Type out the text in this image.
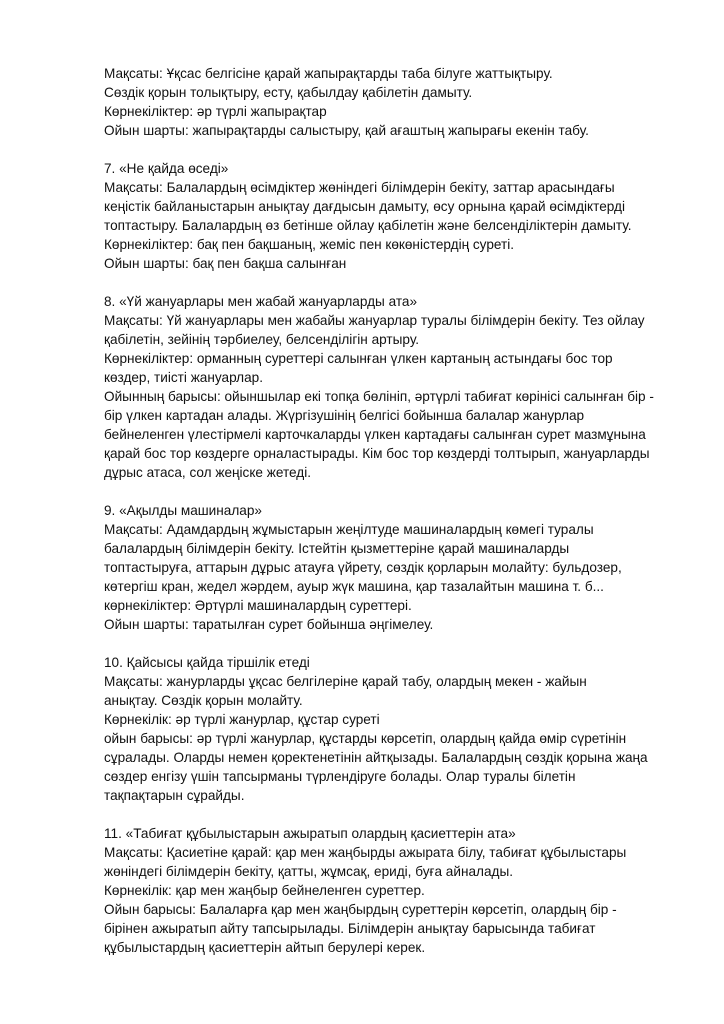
Мақсаты: Ұқсас белгісіне қарай жапырақтарды таба білуге жаттықтыру.
Сөздік қорын толықтыру, есту, қабылдау қабілетін дамыту.
Көрнекіліктер: әр түрлі жапырақтар
Ойын шарты: жапырақтарды салыстыру, қай ағаштың жапырағы екенін табу.
7. «Не қайда өседі»
Мақсаты: Балалардың өсімдіктер жөніндегі білімдерін бекіту, заттар арасындағы
кеңістік байланыстарын анықтау дағдысын дамыту, өсу орнына қарай өсімдіктерді
топтастыру. Балалардың өз бетінше ойлау қабілетін және белсенділіктерін дамыту.
Көрнекіліктер: бақ пен бақшаның, жеміс пен көкөністердің суреті.
Ойын шарты: бақ пен бақша салынған
8. «Үй жануарлары мен жабай жануарларды ата»
Мақсаты: Үй жануарлары мен жабайы жануарлар туралы білімдерін бекіту. Тез ойлау
қабілетін, зейінің тәрбиелеу, белсенділігін артыру.
Көрнекіліктер: орманның суреттері салынған үлкен картаның астындағы бос тор
көздер, тиісті жануарлар.
Ойынның барысы: ойыншылар екі топқа бөлініп, әртүрлі табиғат көрінісі салынған бір -
бір үлкен картадан алады. Жүргізушінің белгісі бойынша балалар жанурлар
бейнеленген үлестірмелі карточкаларды үлкен картадағы салынған сурет мазмұнына
қарай бос тор көздерге орналастырады. Кім бос тор көздерді толтырып, жануарларды
дұрыс атаса, сол жеңіске жетеді.
9. «Ақылды машиналар»
Мақсаты: Адамдардың жұмыстарын жеңілтуде машиналардың көмегі туралы
балалардың білімдерін бекіту. Істейтін қызметтеріне қарай машиналарды
топтастыруға, аттарын дұрыс атауға үйрету, сөздік қорларын молайту: бульдозер,
көтергіш кран, жедел жәрдем, ауыр жүк машина, қар тазалайтын машина т. б...
көрнекіліктер: Әртүрлі машиналардың суреттері.
Ойын шарты: таратылған сурет бойынша әңгімелеу.
10. Қайсысы қайда тіршілік етеді
Мақсаты: жанурларды ұқсас белгілеріне қарай табу, олардың мекен - жайын
анықтау. Сөздік қорын молайту.
Көрнекілік: әр түрлі жанурлар, құстар суреті
ойын барысы: әр түрлі жанурлар, құстарды көрсетіп, олардың қайда өмір сүретінін
сұралады. Оларды немен қоректенетінін айтқызады. Балалардың сөздік қорына жаңа
сөздер енгізу үшін тапсырманы түрлендіруге болады. Олар туралы білетін
тақпақтарын сұрайды.
11. «Табиғат құбылыстарын ажыратып олардың қасиеттерін ата»
Мақсаты: Қасиетіне қарай: қар мен жаңбырды ажырата білу, табиғат құбылыстары
жөніндегі білімдерін бекіту, қатты, жұмсақ, ериді, буға айналады.
Көрнекілік: қар мен жаңбыр бейнеленген суреттер.
Ойын барысы: Балаларға қар мен жаңбырдың суреттерін көрсетіп, олардың бір -
бірінен ажыратып айту тапсырылады. Білімдерін анықтау барысында табиғат
құбылыстардың қасиеттерін айтып берулері керек.
